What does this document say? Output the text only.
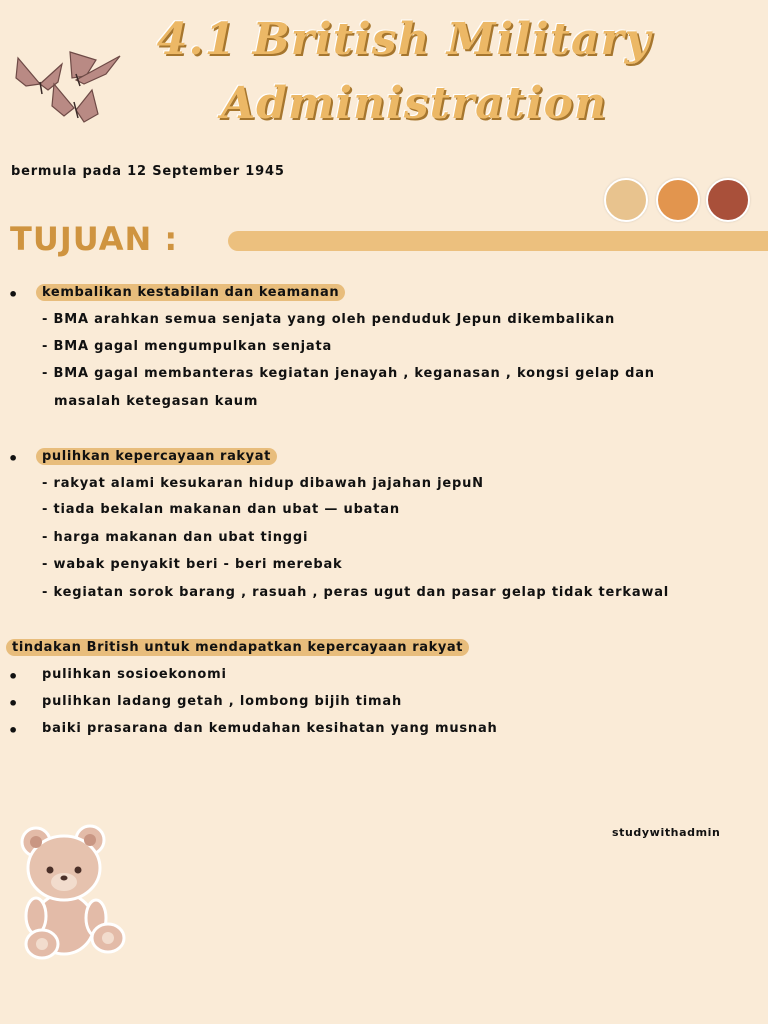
4.1 British Military
Administration
bermula pada 12 September 1945
TUJUAN :
•	kembalikan kestabilan dan keamanan
- BMA arahkan semua senjata yang oleh penduduk Jepun dikembalikan
- BMA gagal mengumpulkan senjata
- BMA gagal membanteras kegiatan jenayah , keganasan , kongsi gelap dan
masalah ketegasan kaum
•	pulihkan kepercayaan rakyat
- rakyat alami kesukaran hidup dibawah jajahan jepuN
- tiada bekalan makanan dan ubat — ubatan
- harga makanan dan ubat tinggi
- wabak penyakit beri - beri merebak
- kegiatan sorok barang , rasuah , peras ugut dan pasar gelap tidak terkawal
tindakan British untuk mendapatkan kepercayaan rakyat
• pulihkan sosioekonomi
• pulihkan ladang getah , lombong bijih timah
• baiki prasarana dan kemudahan kesihatan yang musnah
studywithadmin
